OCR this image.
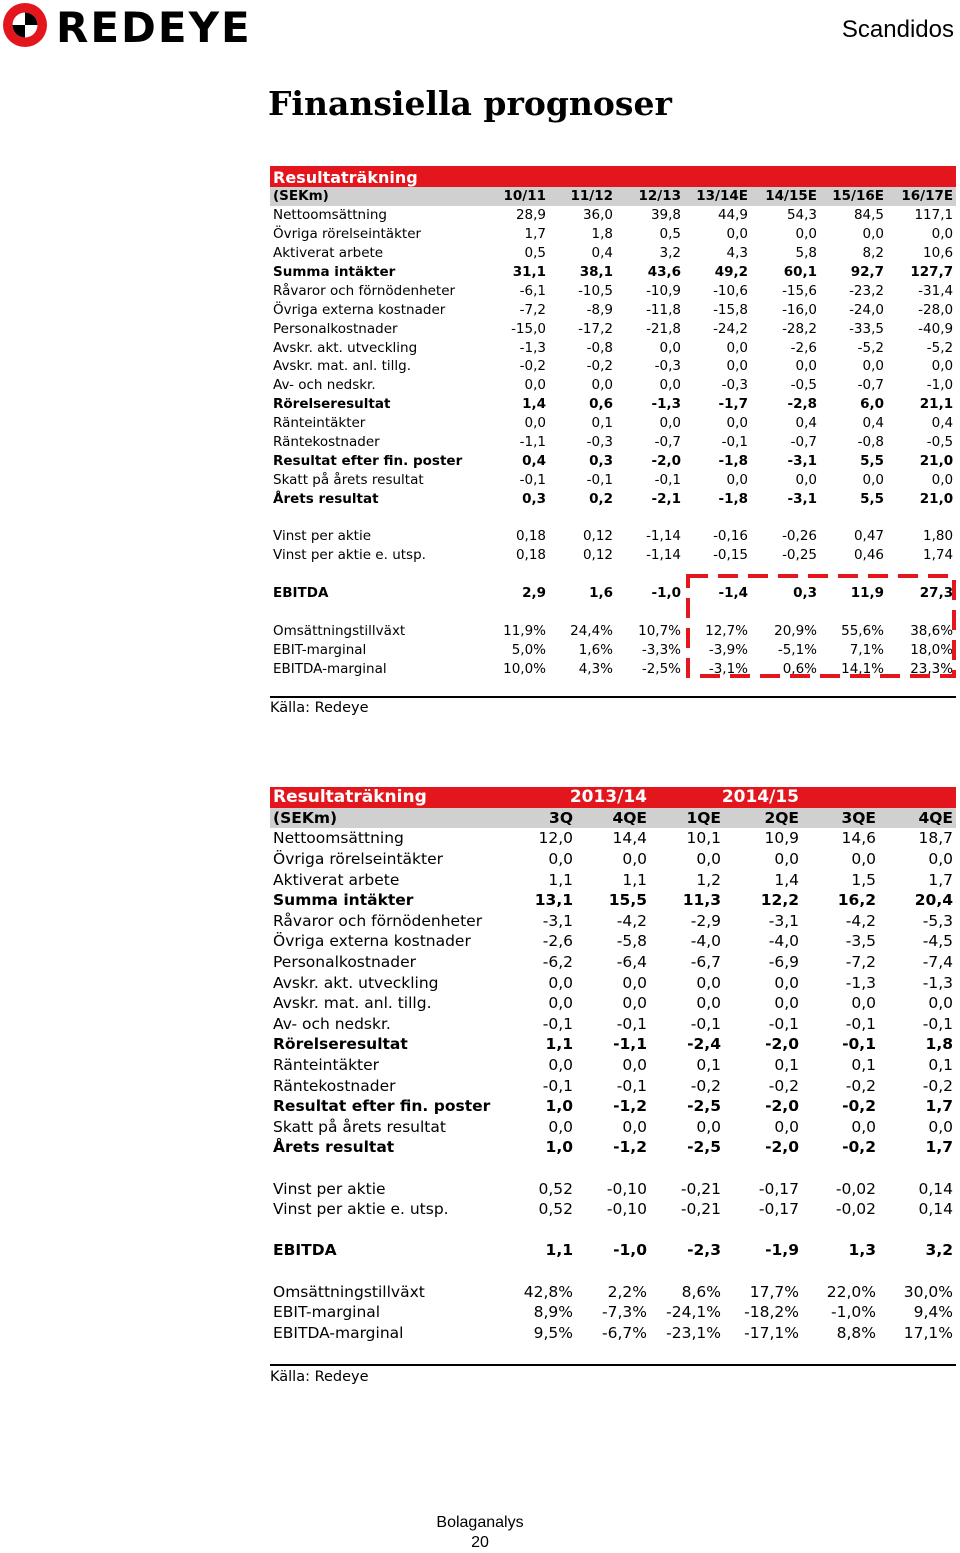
REDEYE	Scandidos
Finansiella prognoser
Resultaträkning							
(SEKm)	10/11	11/12	12/13	13/14E	14/15E	15/16E	16/17E
Nettoomsättning	28,9	36,0	39,8	44,9	54,3	84,5	117,1
Övriga rörelseintäkter	1,7	1,8	0,5	0,0	0,0	0,0	0,0
Aktiverat arbete	0,5	0,4	3,2	4,3	5,8	8,2	10,6
Summa intäkter	31,1	38,1	43,6	49,2	60,1	92,7	127,7
Råvaror och förnödenheter	-6,1	-10,5	-10,9	-10,6	-15,6	-23,2	-31,4
Övriga externa kostnader	-7,2	-8,9	-11,8	-15,8	-16,0	-24,0	-28,0
Personalkostnader	-15,0	-17,2	-21,8	-24,2	-28,2	-33,5	-40,9
Avskr. akt. utveckling	-1,3	-0,8	0,0	0,0	-2,6	-5,2	-5,2
Avskr. mat. anl. tillg.	-0,2	-0,2	-0,3	0,0	0,0	0,0	0,0
Av- och nedskr.	0,0	0,0	0,0	-0,3	-0,5	-0,7	-1,0
Rörelseresultat	1,4	0,6	-1,3	-1,7	-2,8	6,0	21,1
Ränteintäkter	0,0	0,1	0,0	0,0	0,4	0,4	0,4
Räntekostnader	-1,1	-0,3	-0,7	-0,1	-0,7	-0,8	-0,5
Resultat efter fin. poster	0,4	0,3	-2,0	-1,8	-3,1	5,5	21,0
Skatt på årets resultat	-0,1	-0,1	-0,1	0,0	0,0	0,0	0,0
Årets resultat	0,3	0,2	-2,1	-1,8	-3,1	5,5	21,0

Vinst per aktie	0,18	0,12	-1,14	-0,16	-0,26	0,47	1,80
Vinst per aktie e. utsp.	0,18	0,12	-1,14	-0,15	-0,25	0,46	1,74

EBITDA	2,9	1,6	-1,0	-1,4	0,3	11,9	27,3

Omsättningstillväxt	11,9%	24,4%	10,7%	12,7%	20,9%	55,6%	38,6%
EBIT-marginal	5,0%	1,6%	-3,3%	-3,9%	-5,1%	7,1%	18,0%
EBITDA-marginal	10,0%	4,3%	-2,5%	-3,1%	0,6%	14,1%	23,3%
Källa: Redeye
Resultaträkning	2013/14		2014/15			
(SEKm)	3Q	4QE	1QE	2QE	3QE	4QE
Nettoomsättning	12,0	14,4	10,1	10,9	14,6	18,7
Övriga rörelseintäkter	0,0	0,0	0,0	0,0	0,0	0,0
Aktiverat arbete	1,1	1,1	1,2	1,4	1,5	1,7
Summa intäkter	13,1	15,5	11,3	12,2	16,2	20,4
Råvaror och förnödenheter	-3,1	-4,2	-2,9	-3,1	-4,2	-5,3
Övriga externa kostnader	-2,6	-5,8	-4,0	-4,0	-3,5	-4,5
Personalkostnader	-6,2	-6,4	-6,7	-6,9	-7,2	-7,4
Avskr. akt. utveckling	0,0	0,0	0,0	0,0	-1,3	-1,3
Avskr. mat. anl. tillg.	0,0	0,0	0,0	0,0	0,0	0,0
Av- och nedskr.	-0,1	-0,1	-0,1	-0,1	-0,1	-0,1
Rörelseresultat	1,1	-1,1	-2,4	-2,0	-0,1	1,8
Ränteintäkter	0,0	0,0	0,1	0,1	0,1	0,1
Räntekostnader	-0,1	-0,1	-0,2	-0,2	-0,2	-0,2
Resultat efter fin. poster	1,0	-1,2	-2,5	-2,0	-0,2	1,7
Skatt på årets resultat	0,0	0,0	0,0	0,0	0,0	0,0
Årets resultat	1,0	-1,2	-2,5	-2,0	-0,2	1,7

Vinst per aktie	0,52	-0,10	-0,21	-0,17	-0,02	0,14
Vinst per aktie e. utsp.	0,52	-0,10	-0,21	-0,17	-0,02	0,14

EBITDA	1,1	-1,0	-2,3	-1,9	1,3	3,2

Omsättningstillväxt	42,8%	2,2%	8,6%	17,7%	22,0%	30,0%
EBIT-marginal	8,9%	-7,3%	-24,1%	-18,2%	-1,0%	9,4%
EBITDA-marginal	9,5%	-6,7%	-23,1%	-17,1%	8,8%	17,1%
Källa: Redeye
Bolaganalys
20
